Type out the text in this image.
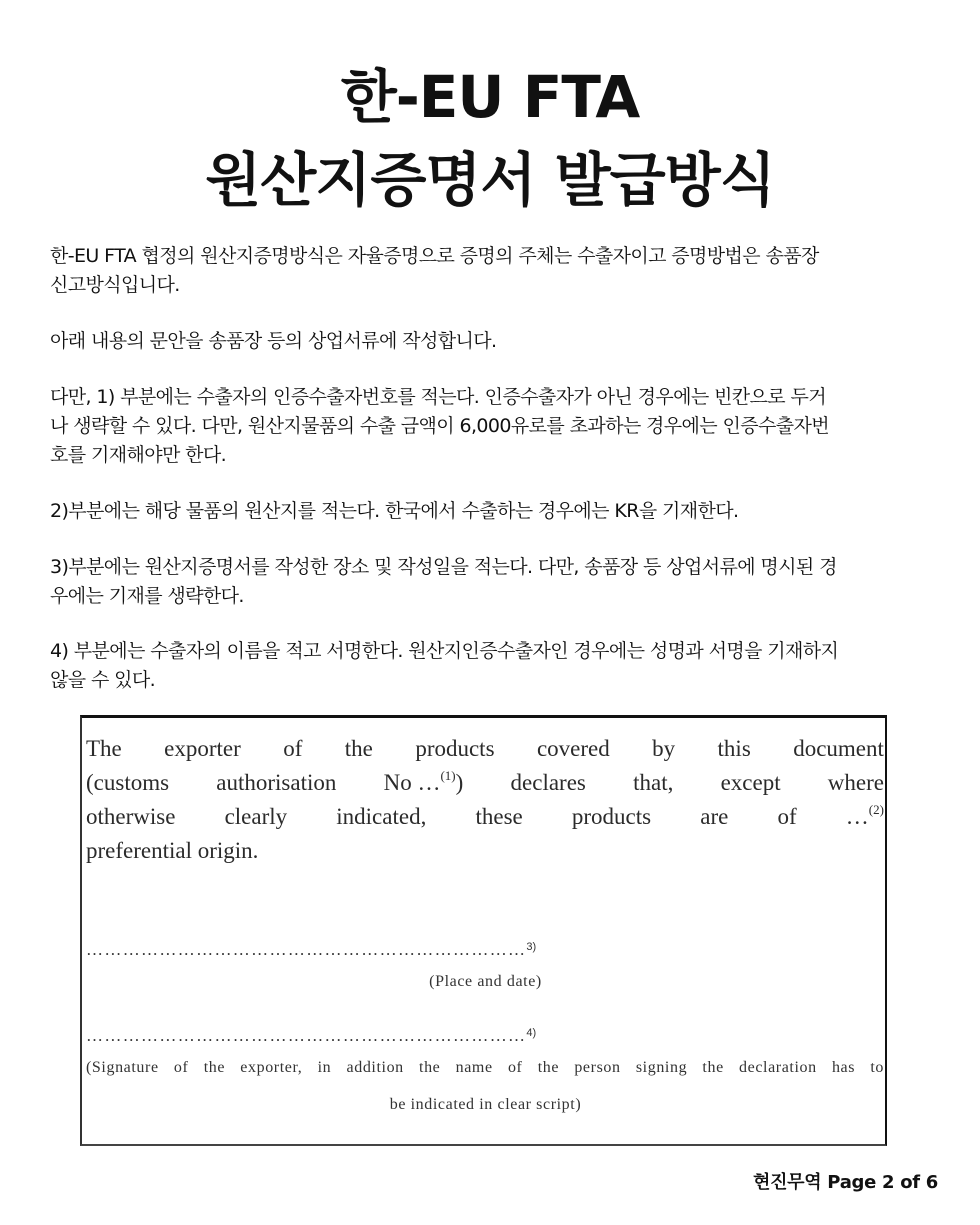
한-EU FTA
원산지증명서 발급방식
한-EU FTA 협정의 원산지증명방식은 자율증명으로 증명의 주체는 수출자이고 증명방법은 송품장
신고방식입니다.
아래 내용의 문안을 송품장 등의 상업서류에 작성합니다.
다만, 1) 부분에는 수출자의 인증수출자번호를 적는다. 인증수출자가 아닌 경우에는 빈칸으로 두거
나 생략할 수 있다. 다만, 원산지물품의 수출 금액이 6,000유로를 초과하는 경우에는 인증수출자번
호를 기재해야만 한다.
2)부분에는 해당 물품의 원산지를 적는다. 한국에서 수출하는 경우에는 KR을 기재한다.
3)부분에는 원산지증명서를 작성한 장소 및 작성일을 적는다. 다만, 송품장 등 상업서류에 명시된 경
우에는 기재를 생략한다.
4) 부분에는 수출자의 이름을 적고 서명한다. 원산지인증수출자인 경우에는 성명과 서명을 기재하지
않을 수 있다.
The exporter of the products covered by this document
(customs authorisation No …$^{(1)}$) declares that, except where
otherwise clearly indicated, these products are of …$^{(2)}$
preferential origin.
………………………………………………………………$^{3)}$
(Place and date)
………………………………………………………………$^{4)}$
(Signature of the exporter, in addition the name of the person signing the declaration has to
be indicated in clear script)
현진무역 Page 2 of 6
